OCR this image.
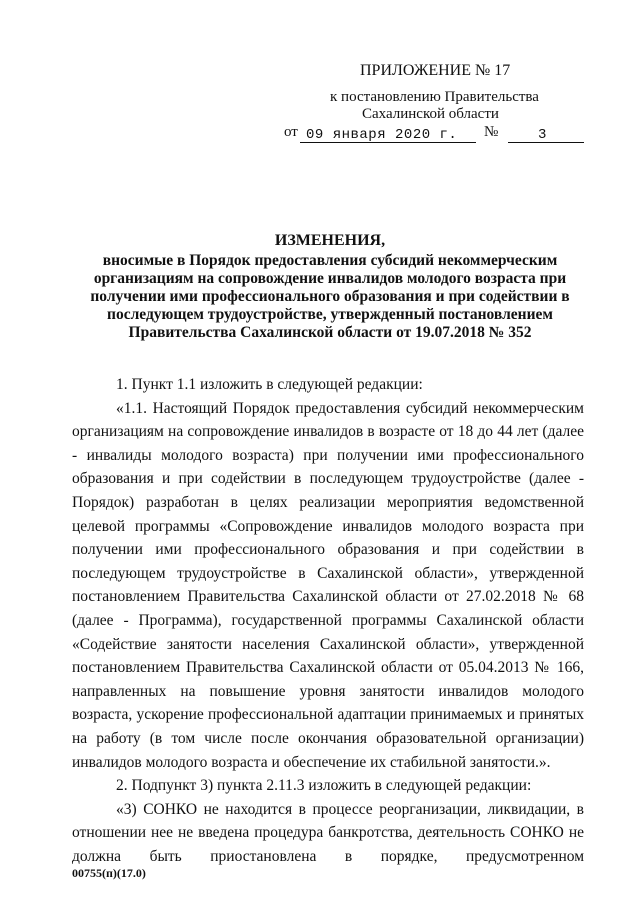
ПРИЛОЖЕНИЕ № 17
к постановлению Правительства
Сахалинской области
от 09 января 2020 г. №	3
ИЗМЕНЕНИЯ,
вносимые в Порядок предоставления субсидий некоммерческим
организациям на сопровождение инвалидов молодого возраста при
получении ими профессионального образования и при содействии в
последующем трудоустройстве, утвержденный постановлением
Правительства Сахалинской области от 19.07.2018 № 352

1. Пункт 1.1 изложить в следующей редакции:

«1.1. Настоящий Порядок предоставления субсидий некоммерческим организациям на сопровождение инвалидов в возрасте от 18 до 44 лет (далее - инвалиды молодого возраста) при получении ими профессионального образования и при содействии в последующем трудоустройстве (далее - Порядок) разработан в целях реализации мероприятия ведомственной целевой программы «Сопровождение инвалидов молодого возраста при получении ими профессионального образования и при содействии в последующем трудоустройстве в Сахалинской области», утвержденной постановлением Правительства Сахалинской области от 27.02.2018 № 68 (далее - Программа), государственной программы Сахалинской области «Содействие занятости населения Сахалинской области», утвержденной постановлением Правительства Сахалинской области от 05.04.2013 № 166, направленных на повышение уровня занятости инвалидов молодого возраста, ускорение профессиональной адаптации принимаемых и принятых на работу (в том числе после окончания образовательной организации) инвалидов молодого возраста и обеспечение их стабильной занятости.».

2. Подпункт 3) пункта 2.11.3 изложить в следующей редакции:

«3) СОНКО не находится в процессе реорганизации, ликвидации, в отношении нее не введена процедура банкротства, деятельность СОНКО не должна быть приостановлена в порядке, предусмотренном

00755(п)(17.0)
